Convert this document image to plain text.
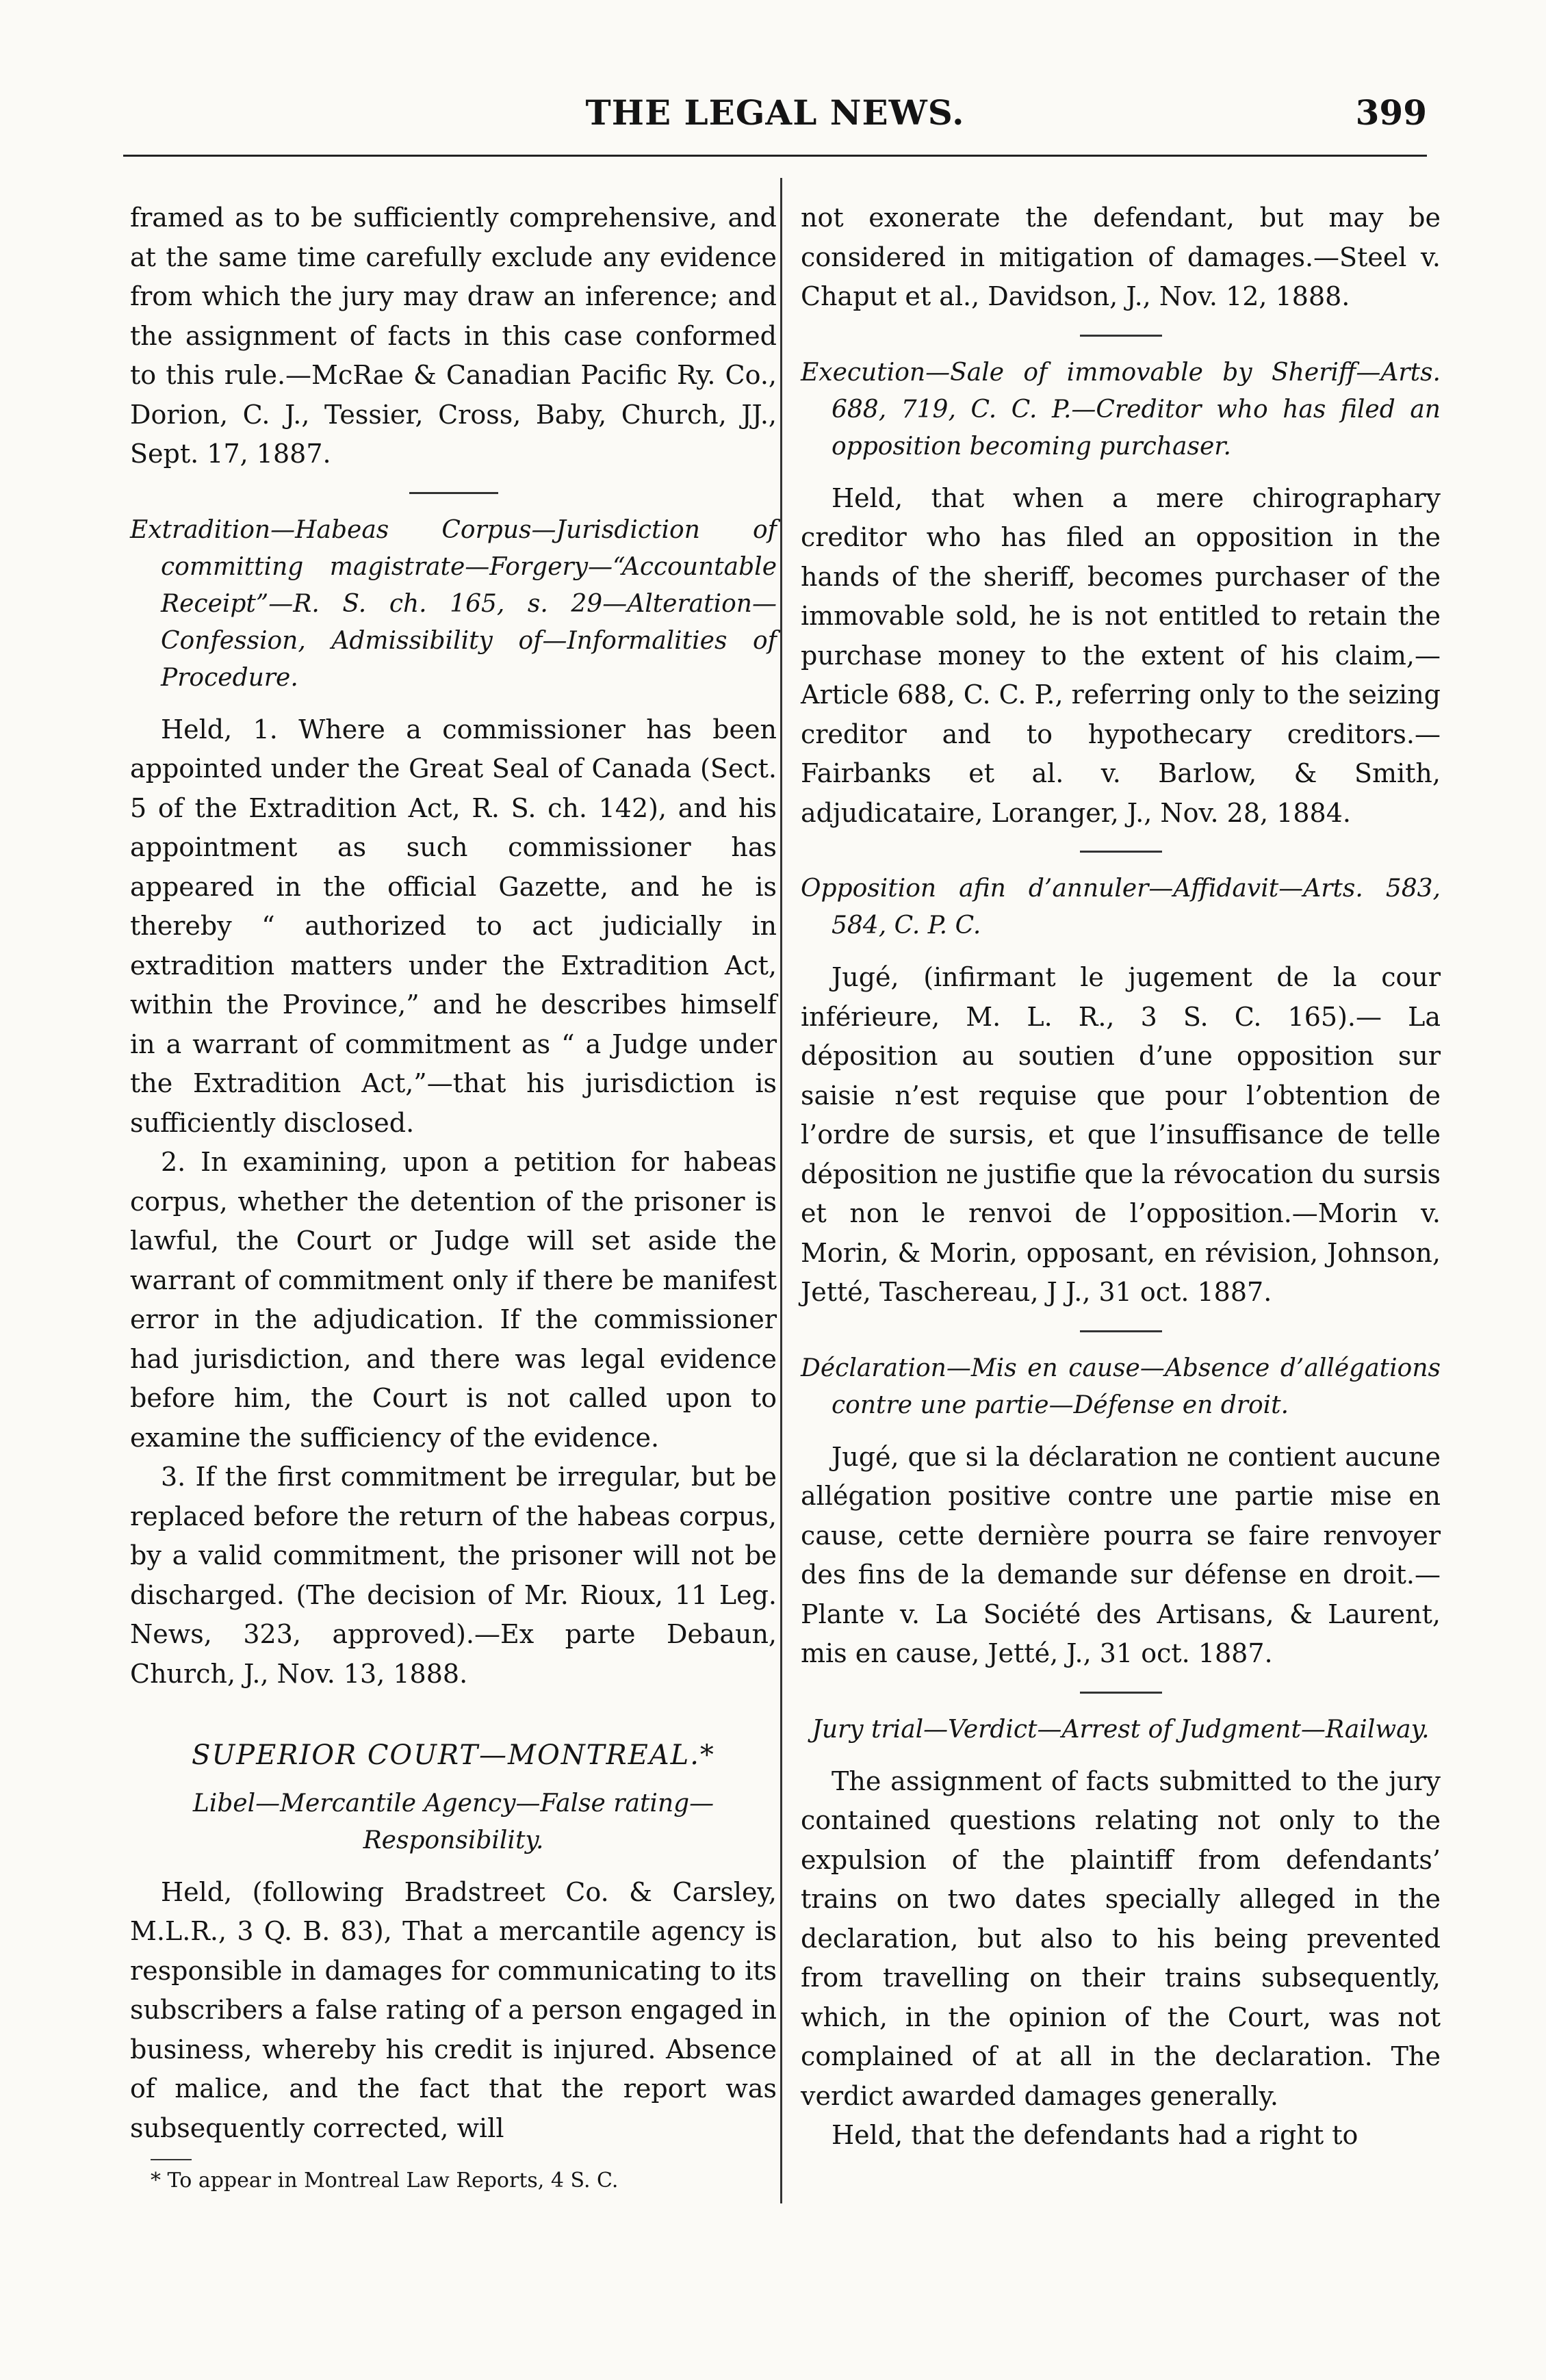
THE LEGAL NEWS.	399

framed as to be sufficiently comprehensive, and at the same time carefully exclude any evidence from which the jury may draw an inference; and the assignment of facts in this case conformed to this rule.—McRae & Canadian Pacific Ry. Co., Dorion, C. J., Tessier, Cross, Baby, Church, JJ., Sept. 17, 1887.

Extradition—Habeas Corpus—Jurisdiction of committing magistrate—Forgery—“Accountable Receipt”—R. S. ch. 165, s. 29—Alteration—Confession, Admissibility of—Informalities of Procedure.

Held, 1. Where a commissioner has been appointed under the Great Seal of Canada (Sect. 5 of the Extradition Act, R. S. ch. 142), and his appointment as such commissioner has appeared in the official Gazette, and he is thereby “ authorized to act judicially in extradition matters under the Extradition Act, within the Province,” and he describes himself in a warrant of commitment as “ a Judge under the Extradition Act,”—that his jurisdiction is sufficiently disclosed.

2. In examining, upon a petition for habeas corpus, whether the detention of the prisoner is lawful, the Court or Judge will set aside the warrant of commitment only if there be manifest error in the adjudication. If the commissioner had jurisdiction, and there was legal evidence before him, the Court is not called upon to examine the sufficiency of the evidence.

3. If the first commitment be irregular, but be replaced before the return of the habeas corpus, by a valid commitment, the prisoner will not be discharged. (The decision of Mr. Rioux, 11 Leg. News, 323, approved).—Ex parte Debaun, Church, J., Nov. 13, 1888.

SUPERIOR COURT—MONTREAL.*

Libel—Mercantile Agency—False rating—Responsibility.

Held, (following Bradstreet Co. & Carsley, M.L.R., 3 Q. B. 83), That a mercantile agency is responsible in damages for communicating to its subscribers a false rating of a person engaged in business, whereby his credit is injured. Absence of malice, and the fact that the report was subsequently corrected, will

* To appear in Montreal Law Reports, 4 S. C.

not exonerate the defendant, but may be considered in mitigation of damages.—Steel v. Chaput et al., Davidson, J., Nov. 12, 1888.

Execution—Sale of immovable by Sheriff—Arts. 688, 719, C. C. P.—Creditor who has filed an opposition becoming purchaser.

Held, that when a mere chirographary creditor who has filed an opposition in the hands of the sheriff, becomes purchaser of the immovable sold, he is not entitled to retain the purchase money to the extent of his claim,—Article 688, C. C. P., referring only to the seizing creditor and to hypothecary creditors.—Fairbanks et al. v. Barlow, & Smith, adjudicataire, Loranger, J., Nov. 28, 1884.

Opposition afin d’annuler—Affidavit—Arts. 583, 584, C. P. C.

Jugé, (infirmant le jugement de la cour inférieure, M. L. R., 3 S. C. 165).— La déposition au soutien d’une opposition sur saisie n’est requise que pour l’obtention de l’ordre de sursis, et que l’insuffisance de telle déposition ne justifie que la révocation du sursis et non le renvoi de l’opposition.—Morin v. Morin, & Morin, opposant, en révision, Johnson, Jetté, Taschereau, J J., 31 oct. 1887.

Déclaration—Mis en cause—Absence d’allégations contre une partie—Défense en droit.

Jugé, que si la déclaration ne contient aucune allégation positive contre une partie mise en cause, cette dernière pourra se faire renvoyer des fins de la demande sur défense en droit.—Plante v. La Société des Artisans, & Laurent, mis en cause, Jetté, J., 31 oct. 1887.

Jury trial—Verdict—Arrest of Judgment—Railway.

The assignment of facts submitted to the jury contained questions relating not only to the expulsion of the plaintiff from defendants’ trains on two dates specially alleged in the declaration, but also to his being prevented from travelling on their trains subsequently, which, in the opinion of the Court, was not complained of at all in the declaration. The verdict awarded damages generally.

Held, that the defendants had a right to
